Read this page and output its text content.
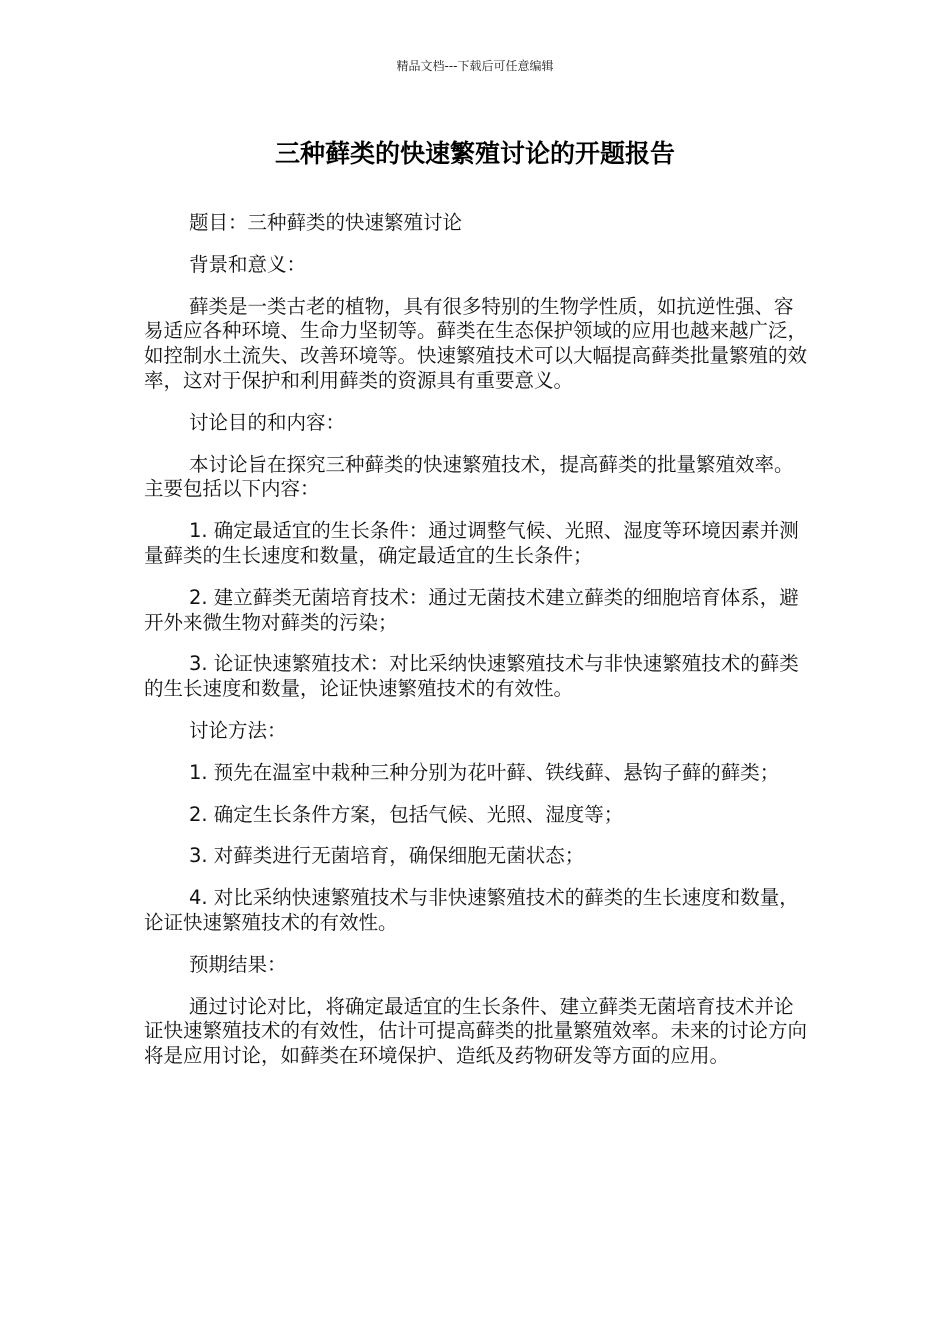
精品文档---下载后可任意编辑
三种藓类的快速繁殖讨论的开题报告

题目：三种藓类的快速繁殖讨论

背景和意义：

藓类是一类古老的植物，具有很多特别的生物学性质，如抗逆性强、容易适应各种环境、生命力坚韧等。藓类在生态保护领域的应用也越来越广泛，如控制水土流失、改善环境等。快速繁殖技术可以大幅提高藓类批量繁殖的效率，这对于保护和利用藓类的资源具有重要意义。

讨论目的和内容：

本讨论旨在探究三种藓类的快速繁殖技术，提高藓类的批量繁殖效率。主要包括以下内容：

1. 确定最适宜的生长条件：通过调整气候、光照、湿度等环境因素并测量藓类的生长速度和数量，确定最适宜的生长条件；

2. 建立藓类无菌培育技术：通过无菌技术建立藓类的细胞培育体系，避开外来微生物对藓类的污染；

3. 论证快速繁殖技术：对比采纳快速繁殖技术与非快速繁殖技术的藓类的生长速度和数量，论证快速繁殖技术的有效性。

讨论方法：

1. 预先在温室中栽种三种分别为花叶藓、铁线藓、悬钩子藓的藓类；

2. 确定生长条件方案，包括气候、光照、湿度等；

3. 对藓类进行无菌培育，确保细胞无菌状态；

4. 对比采纳快速繁殖技术与非快速繁殖技术的藓类的生长速度和数量，论证快速繁殖技术的有效性。

预期结果：

通过讨论对比，将确定最适宜的生长条件、建立藓类无菌培育技术并论证快速繁殖技术的有效性，估计可提高藓类的批量繁殖效率。未来的讨论方向将是应用讨论，如藓类在环境保护、造纸及药物研发等方面的应用。
